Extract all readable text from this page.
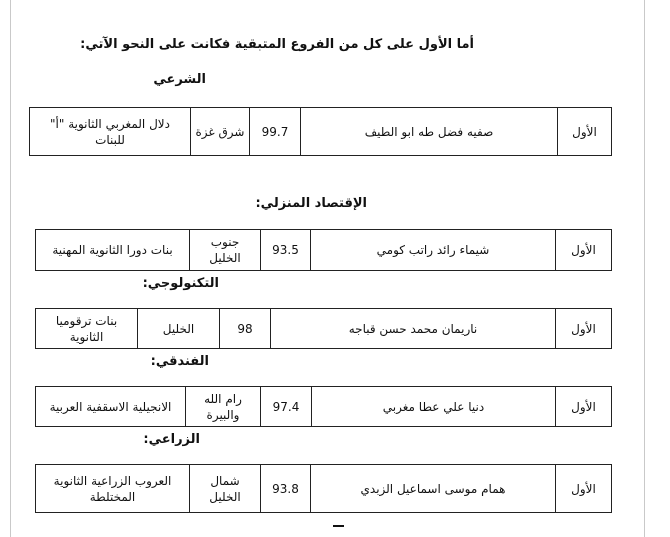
أما الأول على كل من الفروع المتبقية فكانت على النحو الآتي:
الشرعي
الأول	صفيه فضل طه ابو الطيف	99.7	شرق غزة	دلال المغربي الثانوية "أ" للبنات
الإقتصاد المنزلي:
الأول	شيماء رائد راتب كومي	93.5	جنوب الخليل	بنات دورا الثانوية المهنية
التكنولوجي:
الأول	ناريمان محمد حسن قباجه	98	الخليل	بنات ترقوميا الثانوية
الفندقي:
الأول	دنيا علي عطا مغربي	97.4	رام الله والبيرة	الانجيلية الاسقفية العربية
الزراعي:
الأول	همام موسى اسماعيل الزبدي	93.8	شمال الخليل	العروب الزراعية الثانوية المختلطة
